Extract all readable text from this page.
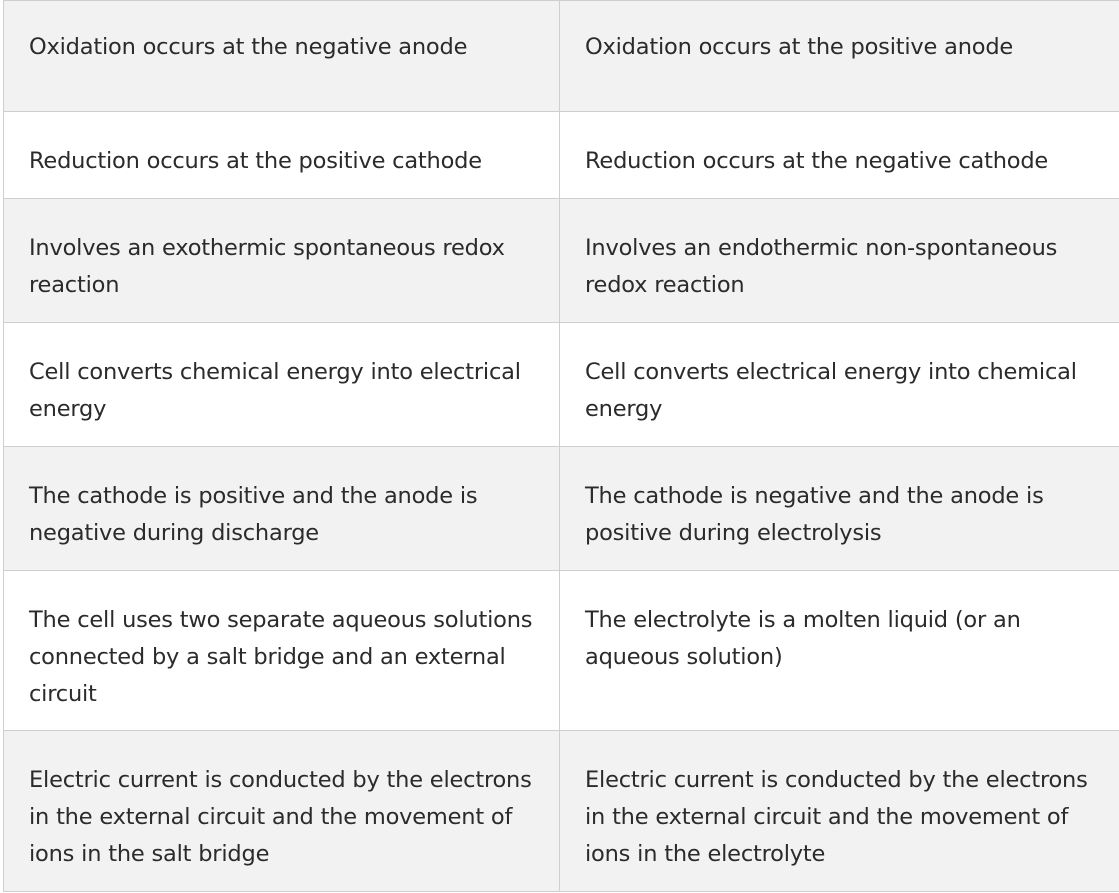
Oxidation occurs at the negative anode	Oxidation occurs at the positive anode
Reduction occurs at the positive cathode	Reduction occurs at the negative cathode
Involves an exothermic spontaneous redox reaction	Involves an endothermic non-spontaneous redox reaction
Cell converts chemical energy into electrical energy	Cell converts electrical energy into chemical energy
The cathode is positive and the anode is negative during discharge	The cathode is negative and the anode is positive during electrolysis
The cell uses two separate aqueous solutions connected by a salt bridge and an external circuit	The electrolyte is a molten liquid (or an aqueous solution)
Electric current is conducted by the electrons in the external circuit and the movement of ions in the salt bridge	Electric current is conducted by the electrons in the external circuit and the movement of ions in the electrolyte
